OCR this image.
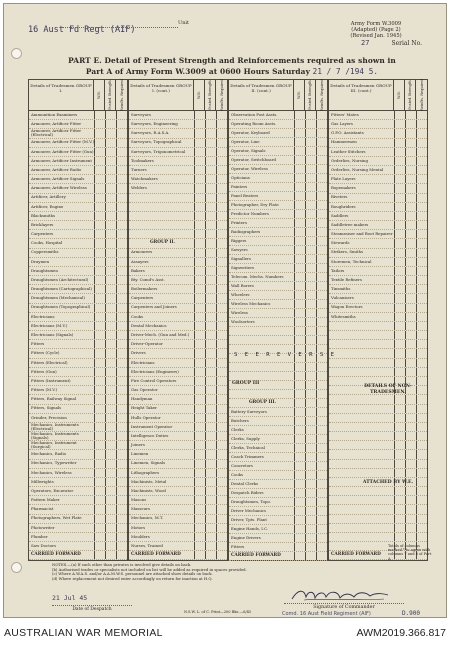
16 Aust Fd Regt (AIF)
Unit	Army Form W.3009
(Adapted) (Page 2)
(Revised Jan. 1945)
27	Serial No.
PART E. Detail of Present Strength and Reinforcements required as shown in
Part A of Army Form W.3009 at 0600 Hours Saturday 21 / 7 /194 5.
Details of Tradesmen GROUP I.
W.E. Posted Strength Reinfts. Required
Ammunition Examiners
Armourer, Artificer Fitter
Armourer, Artificer Fitter (Electrical)
Armourer, Artificer Fitter (M.V.)
Armourer, Artificer Fitter (Gun)
Armourer, Artificer Instrument
Armourer, Artificer Radio
Armourer, Artificer Signals
Armourer, Artificer Wireless
Artificer, Artillery
Artificer, Engine
Blacksmiths
Bricklayers
Carpenters
Cooks, Hospital
Coppersmiths
Draymen
Draughtsmen
Draughtsmen (Architectural)
Draughtsmen (Cartographical)
Draughtsmen (Mechanical)
Draughtsmen (Topographical)
Electricians
Electricians (M.V.)
Electricians (Signals)
Fitters
Fitters (Cycle)
Fitters (Electrical)
Fitters (Gun)
Fitters (Instrument)
Fitters (M.V.)
Fitters, Railway Signal
Fitters, Signals
Grinder, Precision
Mechanics, Instruments (Electrical)
Mechanics, Instruments (Signals)
Mechanics, Instrument (Surgical)
Mechanics, Radio
Mechanics, Typewriter
Mechanics, Wireless
Millwrights
Operators, Excavator
Pattern Maker
Pharmacist
Photographers, Wet Plate
Photowriter
Plumber
Saw Doctors
CARRIED FORWARD
Details of Tradesmen GROUP I. (cont.)
W.E. Posted Strength Reinfts. Required
Surveyors
Surveyors, Engineering
Surveyors, R.A.S.A.
Surveyors, Topographical
Surveyors, Trigonometrical
Toolmakers
Turners
Watchmakers
Welders
GROUP II.
Armourers
Assayers
Bakers
Bty. Comd's Asst.
Boilermakers
Carpenters
Carpenters and Joiners
Cooks
Dental Mechanics
Driver-Mech. (Gun and Med.)
Driver-Operator
Drivers
Electricians
Electricians (Engineers)
Fire Control Operators
Gas Operator
Handyman
Height Taker
Hulls Operator
Instrument Operator
Intelligence Duties
Joiners
Linemen
Linemen, Signals
Lithographers
Machinists, Metal
Machinists, Wood
Masons
Masseurs
Mechanics, M.T.
Motors
Moulders
Nurses, Trained
CARRIED FORWARD
Details of Tradesmen GROUP II. (cont.)
W.E. Posted Strength Reinfts. Required
Observation Post Assts.
Operating Room Assts.
Operator, Keyboard
Operator, Line
Operator, Signals
Operator, Switchboard
Operator, Wireless
Opticians
Painters
Panel Beaters
Photographer, Dry Plate
Predictor Numbers
Printers
Radiographers
Riggers
Sawyers
Signallers
Signwriters
Telecom. Mechs. Numbers
Wall Borers
Wheelers
Wireless Mechanics
Wireless
Woolsorters
GROUP III.
Battery Surveyors
Butchers
Clerks
Clerks, Supply
Clerks, Technical
Coach Trimmers
Concretors
Cooks
Dental Clerks
Despatch Riders
Draughtsmen, Topo.
Driver Mechanics
Driver, Tpts. Plant
Engine Hands, I.C.
Engine Drivers
Fitters
CARRIED FORWARD
Details of Tradesmen GROUP III. (cont.)
W.E. Posted Strength Reinfts. Required
Fitters' Mates
Gas Layers
G.P.O. Assistants
Hammermen
Leather Stitchers
Orderlies, Nursing
Orderlies, Nursing Mental
Plate Layers
Ropemakers
Riveters
Roughriders
Saddlers
Saddletree makers
Steamraiser and Boot Repairer
Stewards
Strikers, Smiths
Storemen, Technical
Tailors
Textile Refiners
Tinsmiths
Vulcanisers
Wagon Erectors
Whitesmiths
CARRIED FORWARD
S E E R E V E R S E
GROUP III
DETAILS OF NON-TRADESMEN.
ATTACHED BY W.E.
Totals of columns marked * to agree with columns 7 and 8 of Part A
NOTES.—(a) If such other than privates is involved give details on back.
(b) Authorised trades or specialists not included on list will be added as required in spaces provided.
(c) Where A.W.A.S. and/or A.A.M.W.S. personnel are attached show details on back.
(d) Where replacement not desired enter accordingly on return for inaction at H.Q.
21 Jul 45
Date of Despatch	N.S.W. L. of C. Print—200 Bks.—6/45
Signature of Commander
Comd. 16 Aust Field Regiment (AIF)	D.900
AUSTRALIAN WAR MEMORIAL	AWM2019.366.817
